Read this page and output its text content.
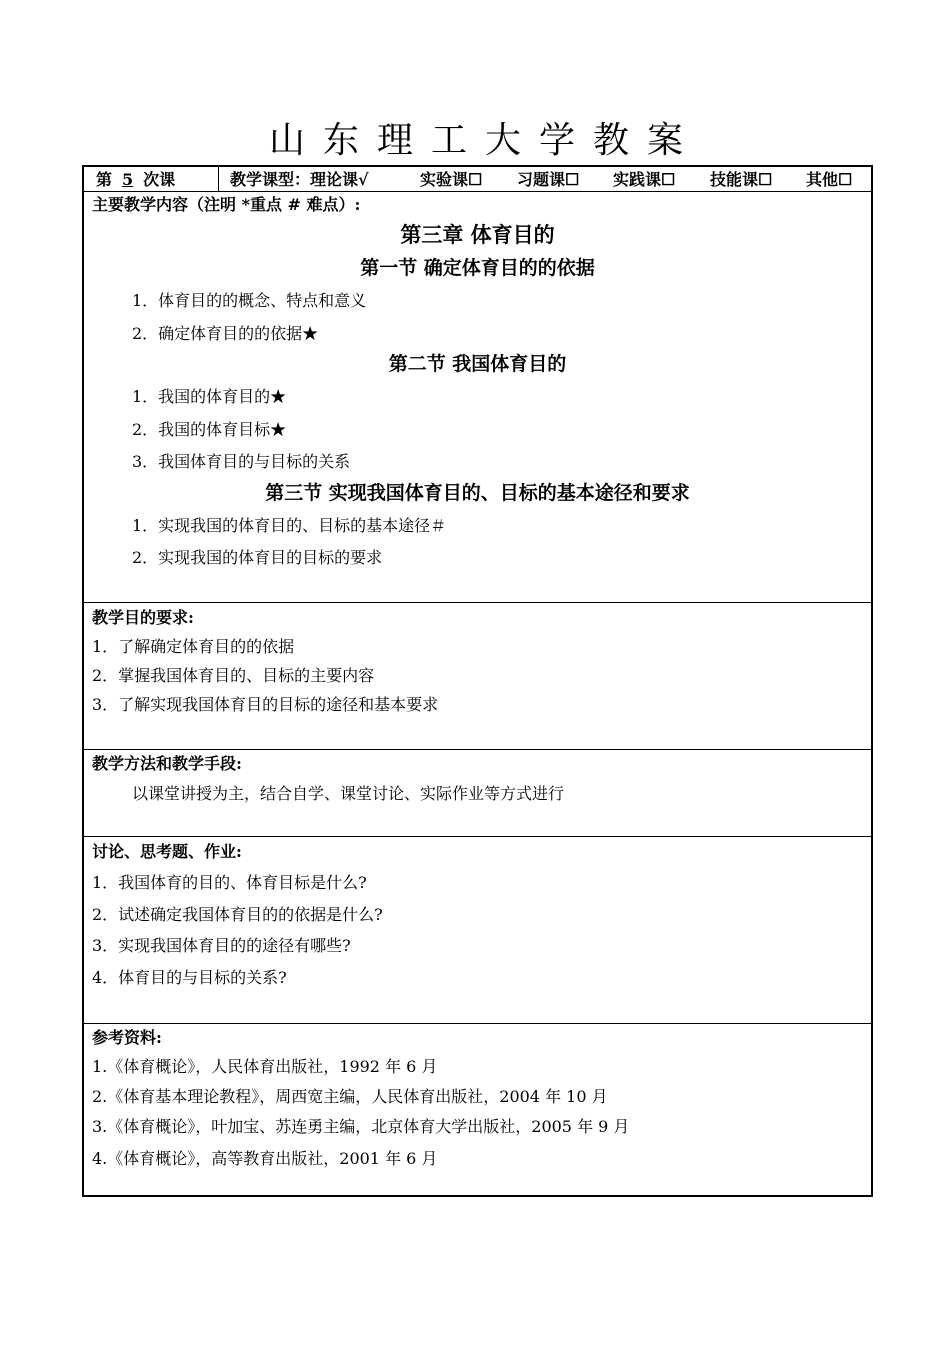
山东理工大学教案
第 5 次课	教学课型：理论课√	实验课☐ 习题课☐ 实践课☐ 技能课☐ 其他☐
主要教学内容（注明 *重点 # 难点）:
第三章 体育目的
第一节 确定体育目的的依据
1．体育目的的概念、特点和意义
2．确定体育目的的依据★
第二节 我国体育目的
1．我国的体育目的★
2．我国的体育目标★
3．我国体育目的与目标的关系
第三节 实现我国体育目的、目标的基本途径和要求
1．实现我国的体育目的、目标的基本途径＃
2．实现我国的体育目的目标的要求
教学目的要求:
1．了解确定体育目的的依据
2．掌握我国体育目的、目标的主要内容
3．了解实现我国体育目的目标的途径和基本要求
教学方法和教学手段:
以课堂讲授为主，结合自学、课堂讨论、实际作业等方式进行
讨论、思考题、作业:
1．我国体育的目的、体育目标是什么?
2．试述确定我国体育目的的依据是什么?
3．实现我国体育目的的途径有哪些?
4．体育目的与目标的关系?
参考资料:
1.《体育概论》，人民体育出版社，1992 年 6 月
2.《体育基本理论教程》，周西宽主编，人民体育出版社，2004 年 10 月
3.《体育概论》，叶加宝、苏连勇主编，北京体育大学出版社，2005 年 9 月
4.《体育概论》，高等教育出版社，2001 年 6 月
